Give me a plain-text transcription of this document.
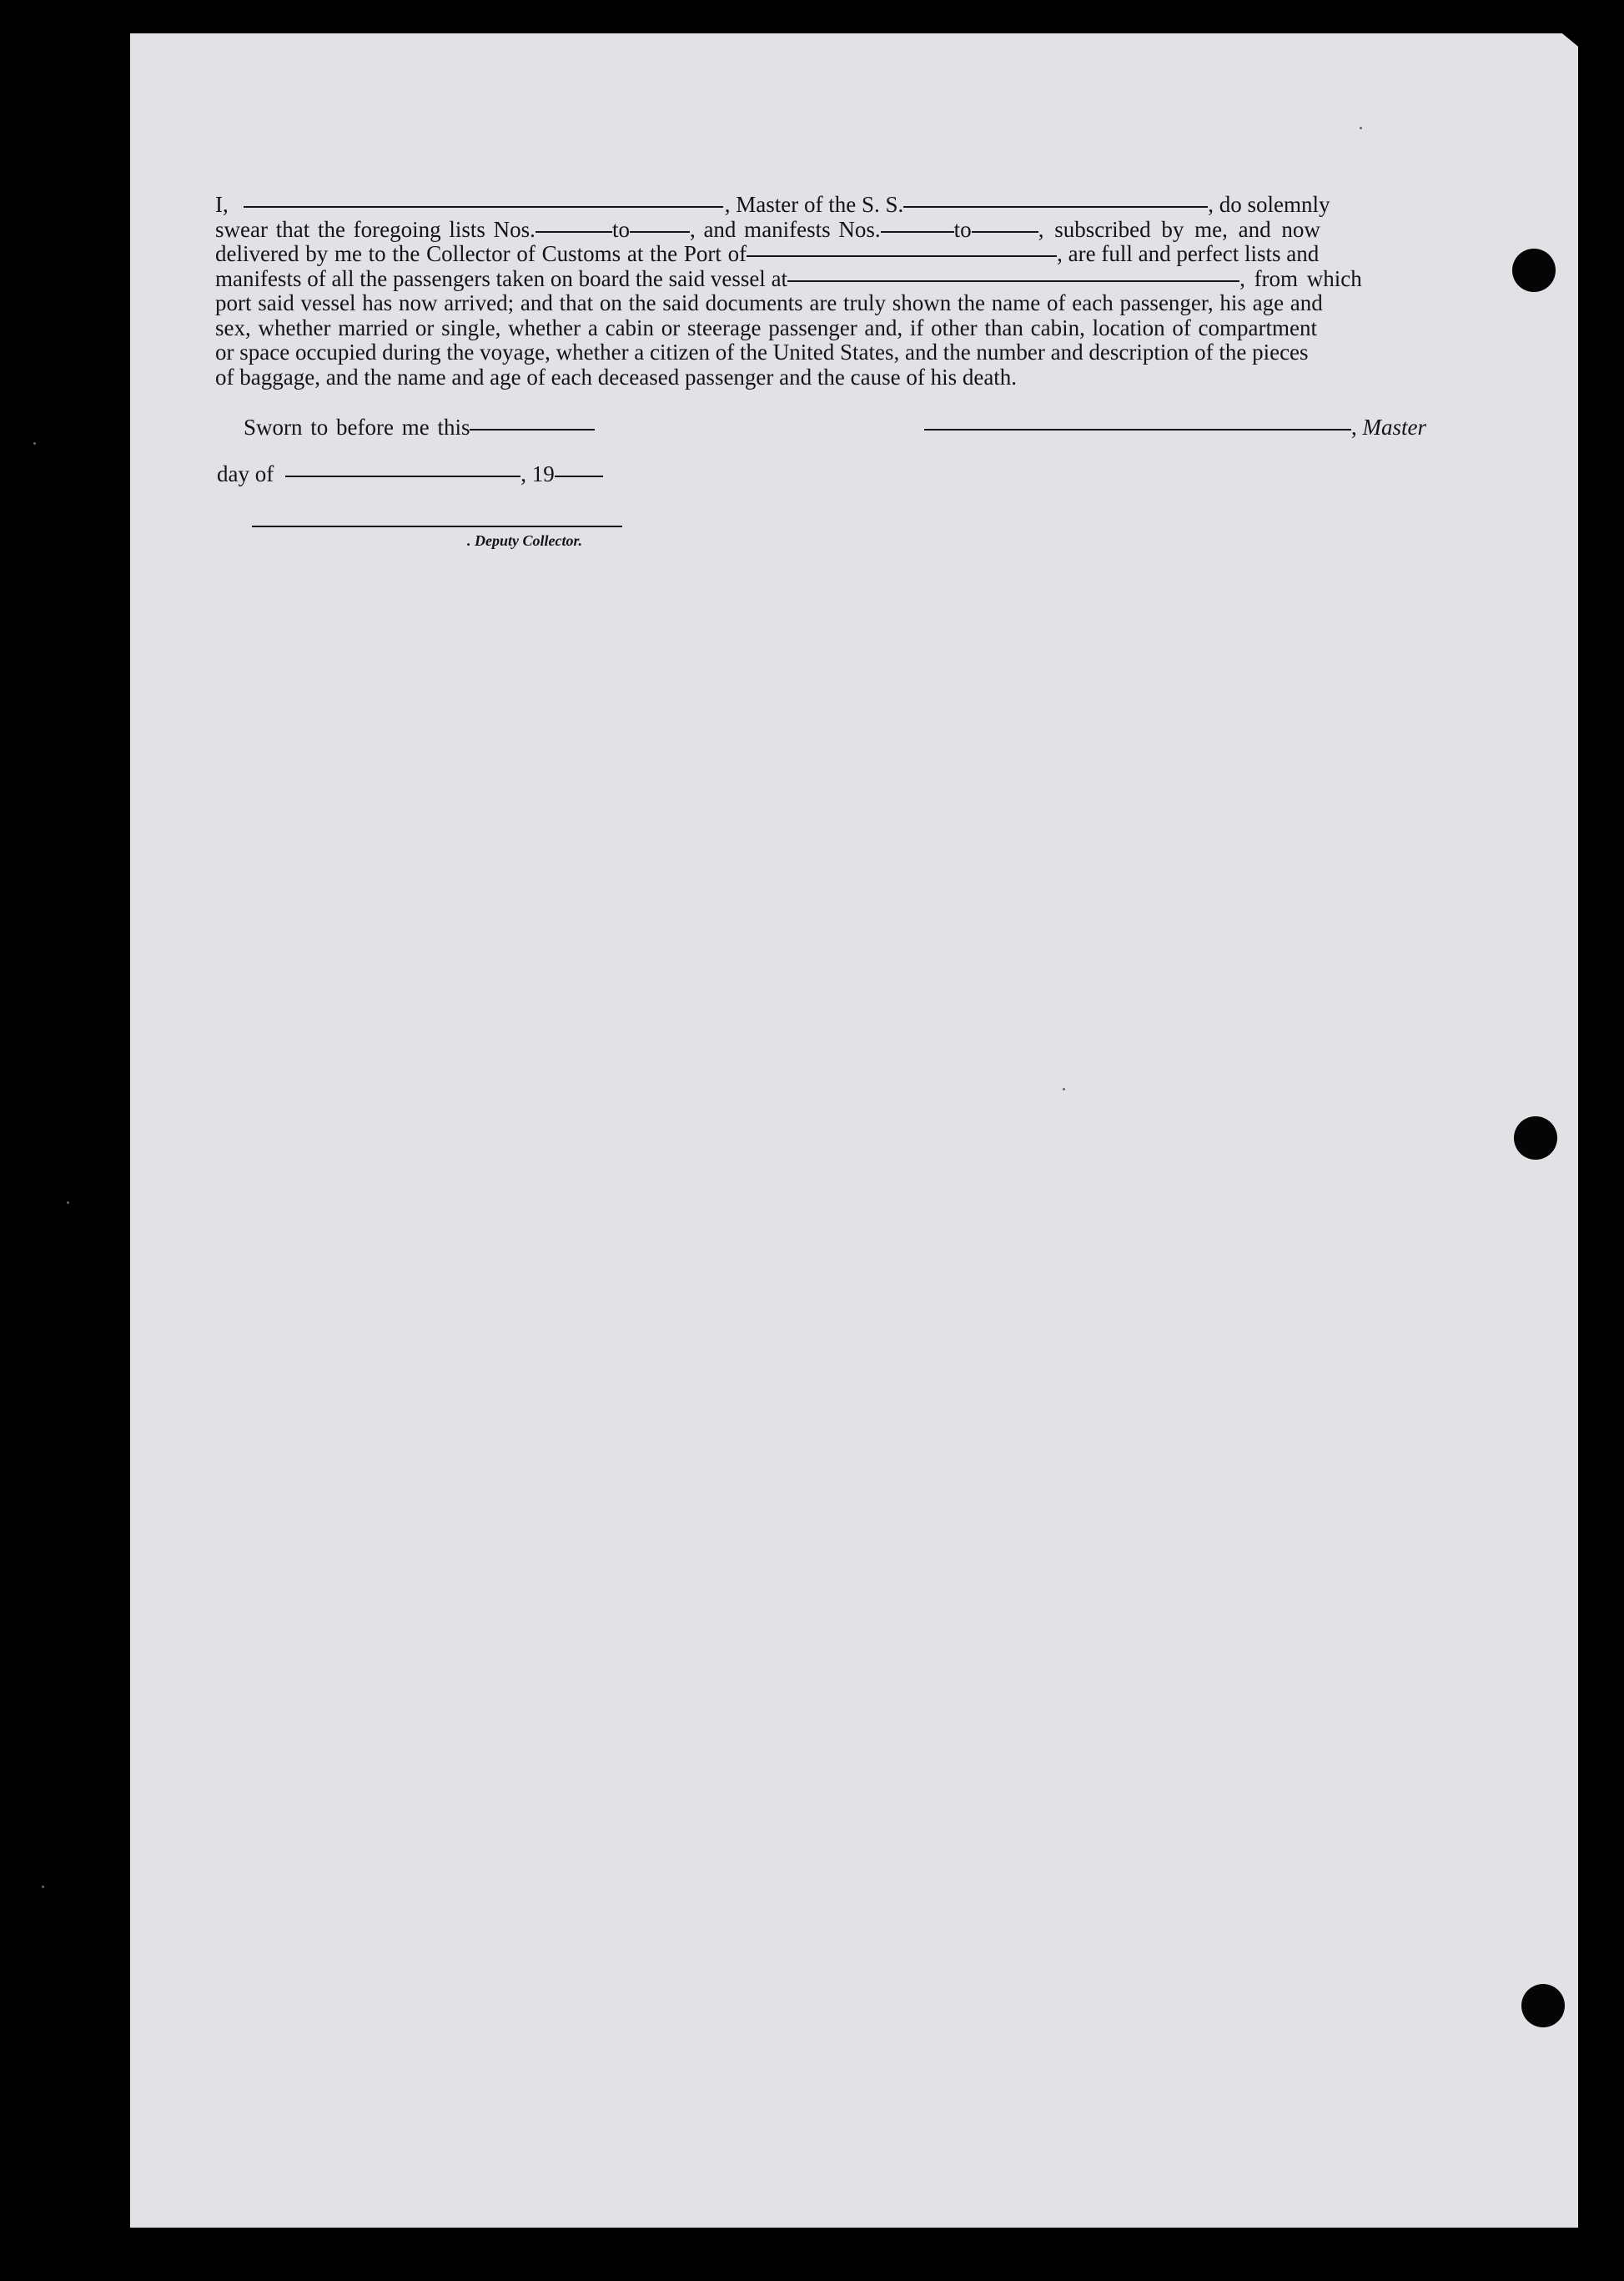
I,	, Master of the S. S.	, do solemnly
swear that the foregoing lists Nos.	to	, and manifests Nos.	to	, subscribed by me, and now
delivered by me to the Collector of Customs at the Port of	, are full and perfect lists and
manifests of all the passengers taken on board the said vessel at	, from which
port said vessel has now arrived; and that on the said documents are truly shown the name of each passenger, his age and
sex, whether married or single, whether a cabin or steerage passenger and, if other than cabin, location of compartment
or space occupied during the voyage, whether a citizen of the United States, and the number and description of the pieces
of baggage, and the name and age of each deceased passenger and the cause of his death.
Sworn to before me this	, Master
day of	, 19
. Deputy Collector.
